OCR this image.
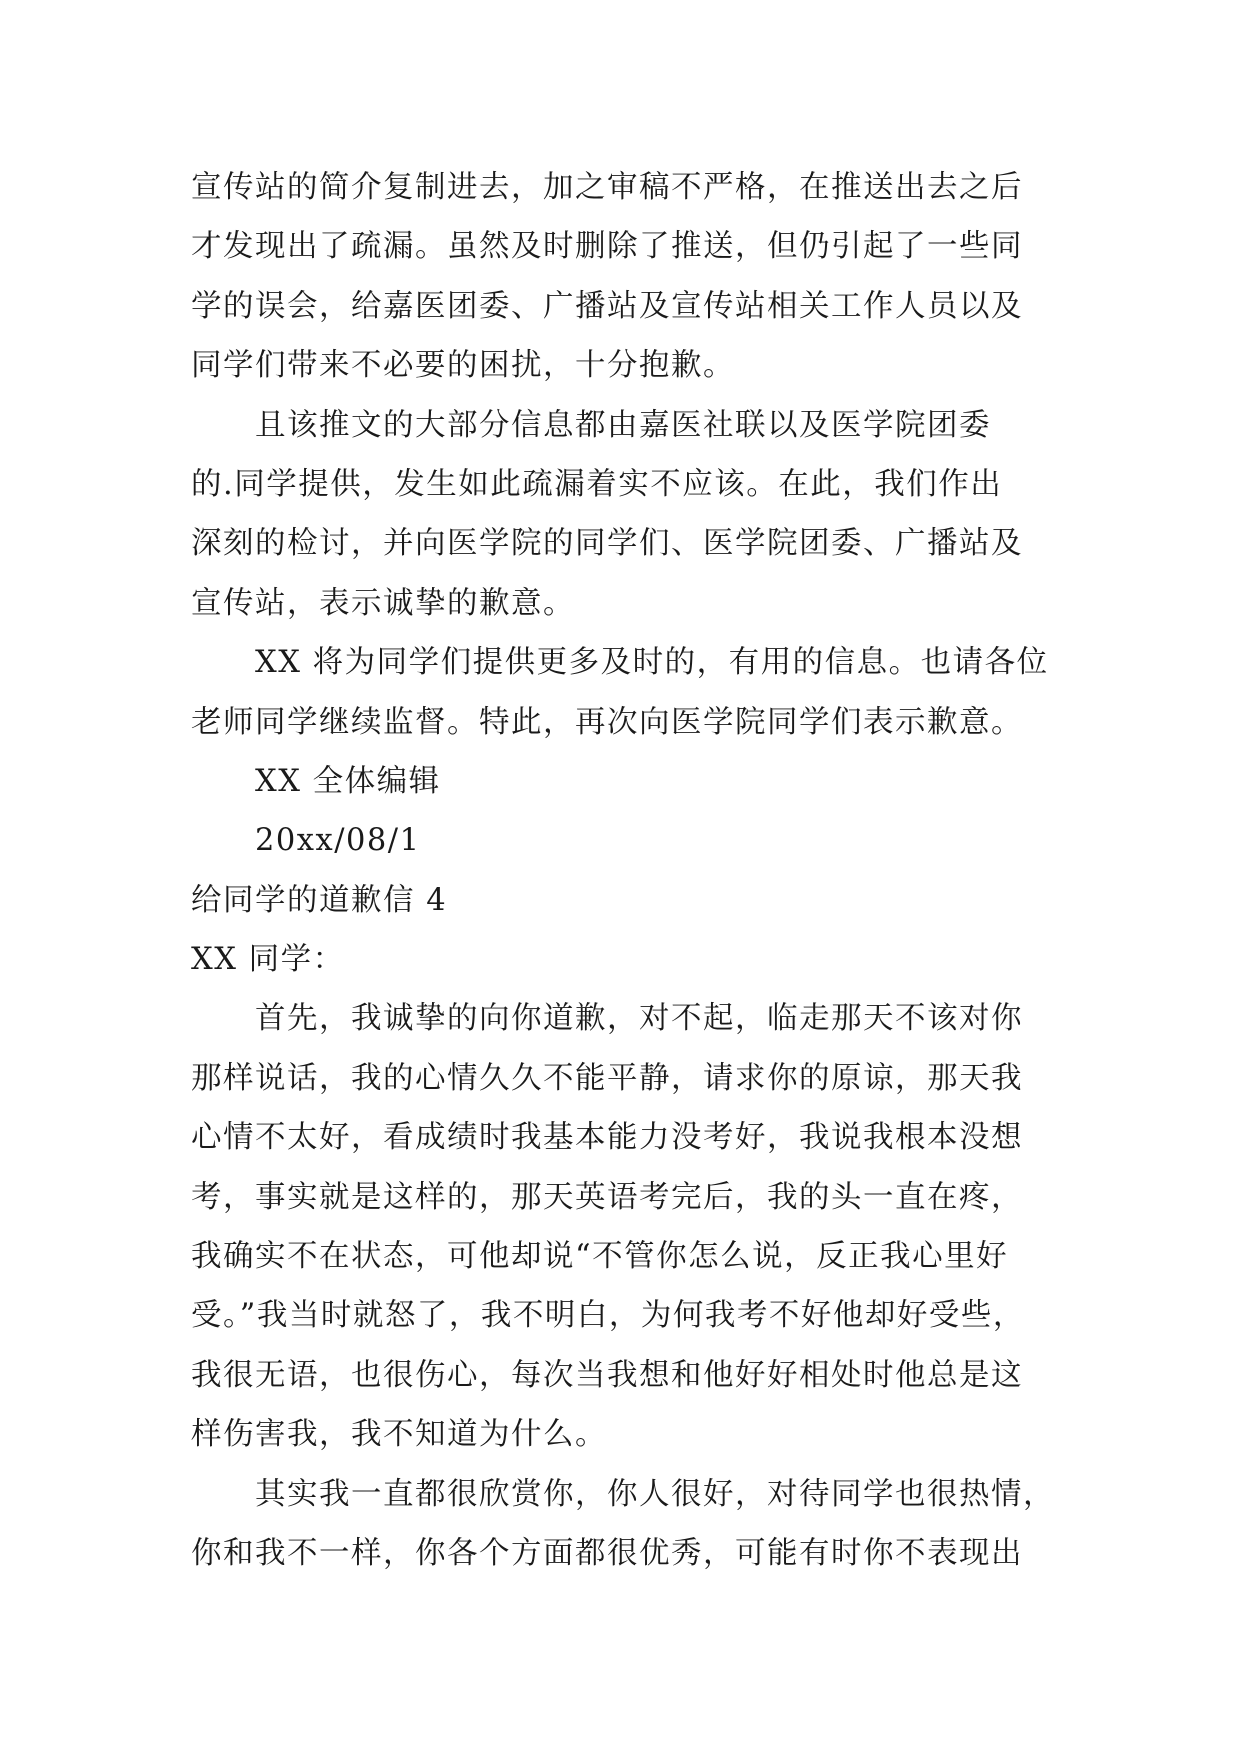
宣传站的简介复制进去，加之审稿不严格，在推送出去之后
才发现出了疏漏。虽然及时删除了推送，但仍引起了一些同
学的误会，给嘉医团委、广播站及宣传站相关工作人员以及
同学们带来不必要的困扰，十分抱歉。
且该推文的大部分信息都由嘉医社联以及医学院团委
的.同学提供，发生如此疏漏着实不应该。在此，我们作出
深刻的检讨，并向医学院的同学们、医学院团委、广播站及
宣传站，表示诚挚的歉意。
XX 将为同学们提供更多及时的，有用的信息。也请各位
老师同学继续监督。特此，再次向医学院同学们表示歉意。
XX 全体编辑
20xx/08/1
给同学的道歉信 4
XX 同学：
首先，我诚挚的向你道歉，对不起，临走那天不该对你
那样说话，我的心情久久不能平静，请求你的原谅，那天我
心情不太好，看成绩时我基本能力没考好，我说我根本没想
考，事实就是这样的，那天英语考完后，我的头一直在疼，
我确实不在状态，可他却说“不管你怎么说，反正我心里好
受。”我当时就怒了，我不明白，为何我考不好他却好受些，
我很无语，也很伤心，每次当我想和他好好相处时他总是这
样伤害我，我不知道为什么。
其实我一直都很欣赏你，你人很好，对待同学也很热情，
你和我不一样，你各个方面都很优秀，可能有时你不表现出
